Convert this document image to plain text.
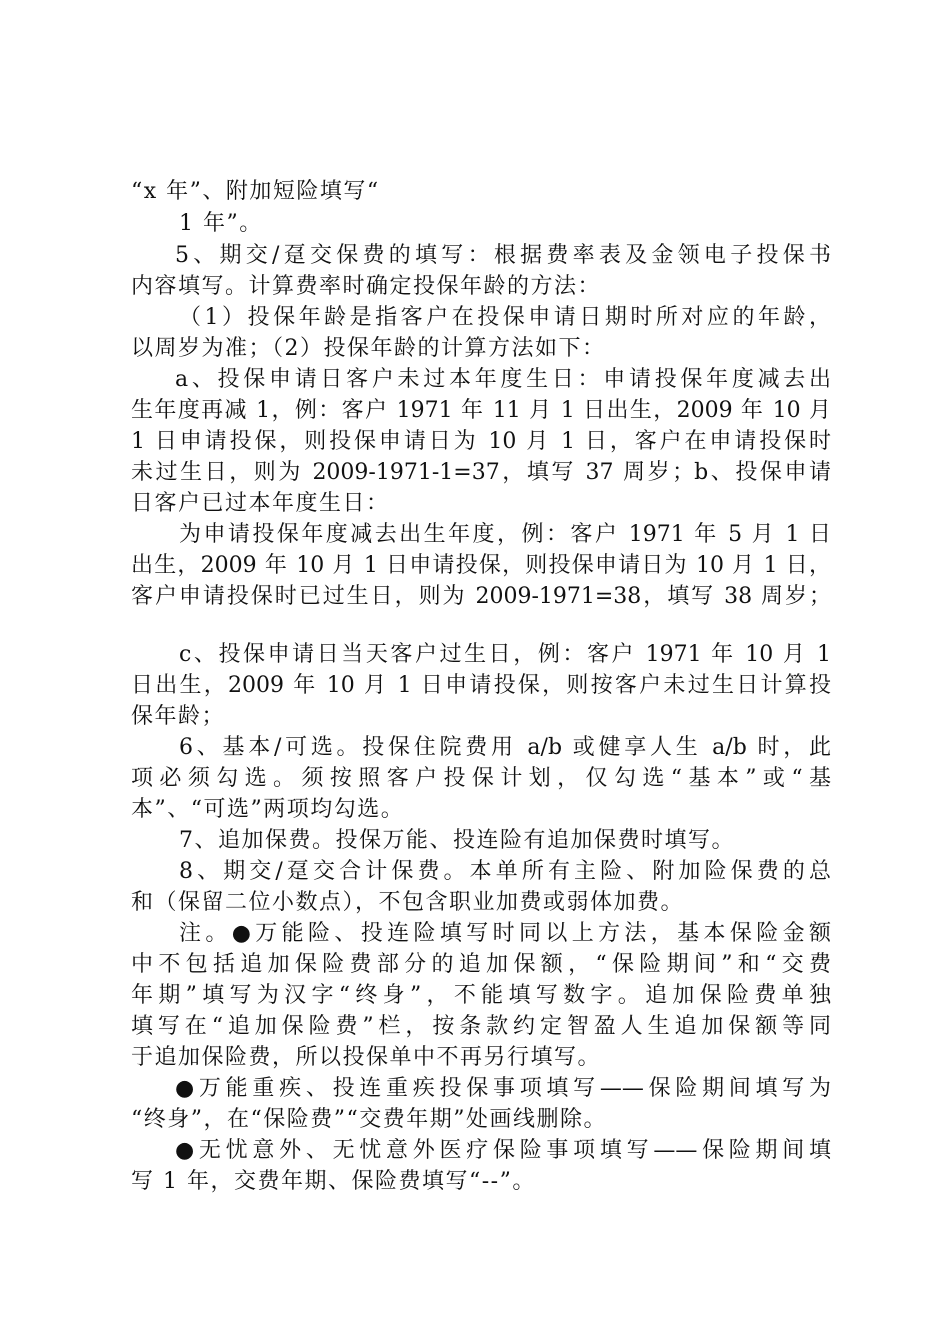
“x 年”、附加短险填写“
1 年”。
5、期交/趸交保费的填写：根据费率表及金领电子投保书
内容填写。计算费率时确定投保年龄的方法：
（1）投保年龄是指客户在投保申请日期时所对应的年龄，
以周岁为准；（2）投保年龄的计算方法如下：
a、投保申请日客户未过本年度生日：申请投保年度减去出
生年度再减 1，例：客户 1971 年 11 月 1 日出生，2009 年 10 月
1 日申请投保，则投保申请日为 10 月 1 日，客户在申请投保时
未过生日，则为 2009-1971-1=37，填写 37 周岁；b、投保申请
日客户已过本年度生日：
为申请投保年度减去出生年度，例：客户 1971 年 5 月 1 日
出生，2009 年 10 月 1 日申请投保，则投保申请日为 10 月 1 日，
客户申请投保时已过生日，则为 2009-1971=38，填写 38 周岁；
c、投保申请日当天客户过生日，例：客户 1971 年 10 月 1
日出生，2009 年 10 月 1 日申请投保，则按客户未过生日计算投
保年龄；
6、基本/可选。投保住院费用 a/b 或健享人生 a/b 时，此
项必须勾选。须按照客户投保计划，仅勾选“基本”或“基
本”、“可选”两项均勾选。
7、追加保费。投保万能、投连险有追加保费时填写。
8、期交/趸交合计保费。本单所有主险、附加险保费的总
和（保留二位小数点），不包含职业加费或弱体加费。
注。●万能险、投连险填写时同以上方法，基本保险金额
中不包括追加保险费部分的追加保额，“保险期间”和“交费
年期”填写为汉字“终身”，不能填写数字。追加保险费单独
填写在“追加保险费”栏，按条款约定智盈人生追加保额等同
于追加保险费，所以投保单中不再另行填写。
●万能重疾、投连重疾投保事项填写——保险期间填写为
“终身”，在“保险费”“交费年期”处画线删除。
●无忧意外、无忧意外医疗保险事项填写——保险期间填
写 1 年，交费年期、保险费填写“--”。
